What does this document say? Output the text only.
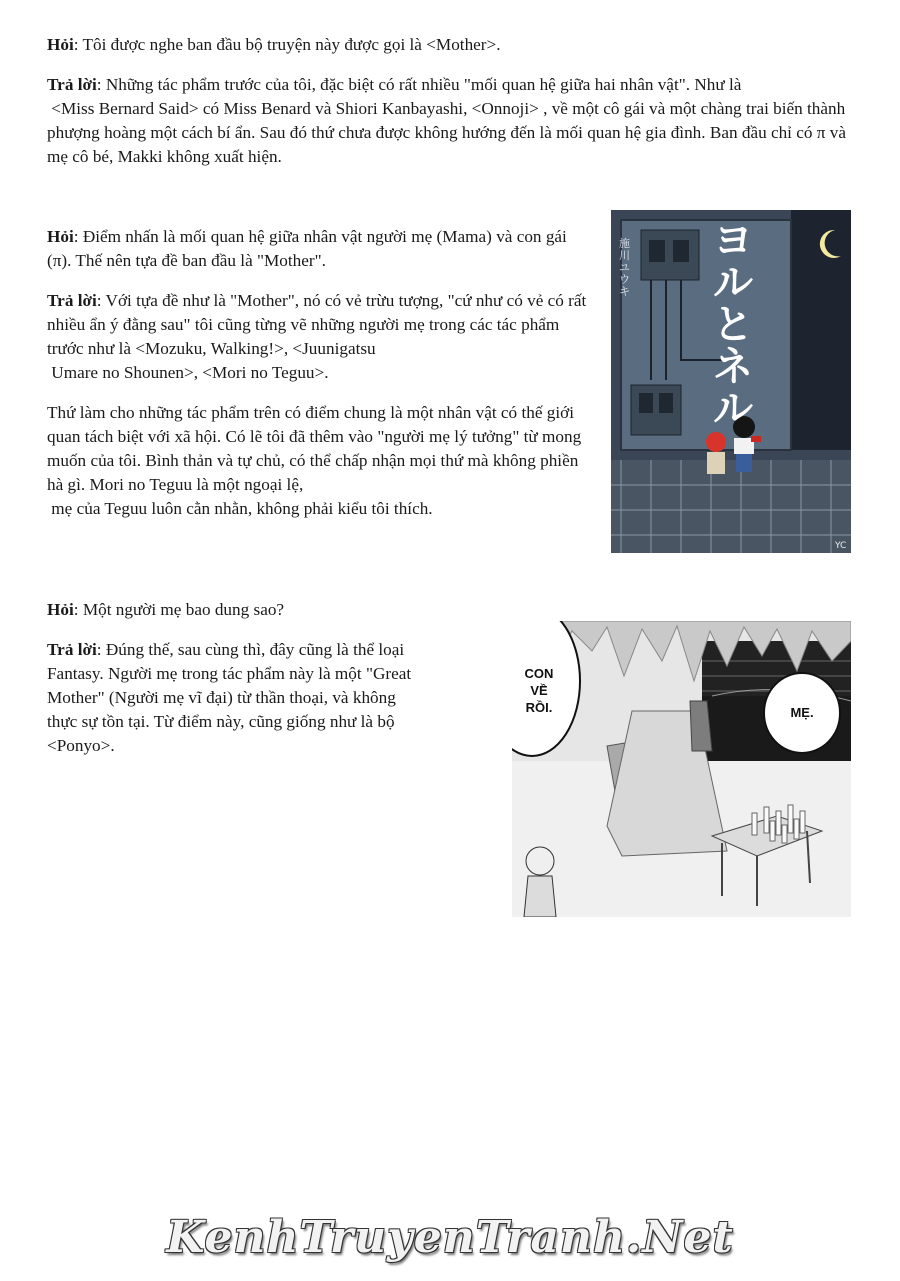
Hỏi: Tôi được nghe ban đầu bộ truyện này được gọi là <Mother>.

Trả lời: Những tác phẩm trước của tôi, đặc biệt có rất nhiều "mối quan hệ giữa hai nhân vật". Như là
<Miss Bernard Said> có Miss Benard và Shiori Kanbayashi, <Onnoji> , về một cô gái và một chàng trai biến thành phượng hoàng một cách bí ẩn. Sau đó thứ chưa được không hướng đến là mối quan hệ gia đình. Ban đầu chỉ có π và mẹ cô bé, Makki không xuất hiện.

Hỏi: Điểm nhấn là mối quan hệ giữa nhân vật người mẹ (Mama) và con gái (π). Thế nên tựa đề ban đầu là "Mother".

Trả lời: Với tựa đề như là "Mother", nó có vẻ trừu tượng, "cứ như có vẻ có rất nhiều ẩn ý đằng sau" tôi cũng từng vẽ những người mẹ trong các tác phẩm trước như là <Mozuku, Walking!>, <Juunigatsu
Umare no Shounen>, <Mori no Teguu>.

Thứ làm cho những tác phẩm trên có điểm chung là một nhân vật có thế giới quan tách biệt với xã hội. Có lẽ tôi đã thêm vào "người mẹ lý tưởng" từ mong muốn của tôi. Bình thản và tự chủ, có thể chấp nhận mọi thứ mà không phiền hà gì. Mori no Teguu là một ngoại lệ,
mẹ của Teguu luôn cằn nhằn, không phải kiểu tôi thích.

Hỏi: Một người mẹ bao dung sao?

Trả lời: Đúng thế, sau cùng thì, đây cũng là thể loại Fantasy. Người mẹ trong tác phẩm này là một "Great Mother" (Người mẹ vĩ đại) từ thần thoại, và không thực sự tồn tại. Từ điểm này, cũng giống như là bộ <Ponyo>.

YC
ヨルとネル
施川ユウキ
CON
VỀ
RỒI.	MẸ.
KenhTruyenTranh.Net
